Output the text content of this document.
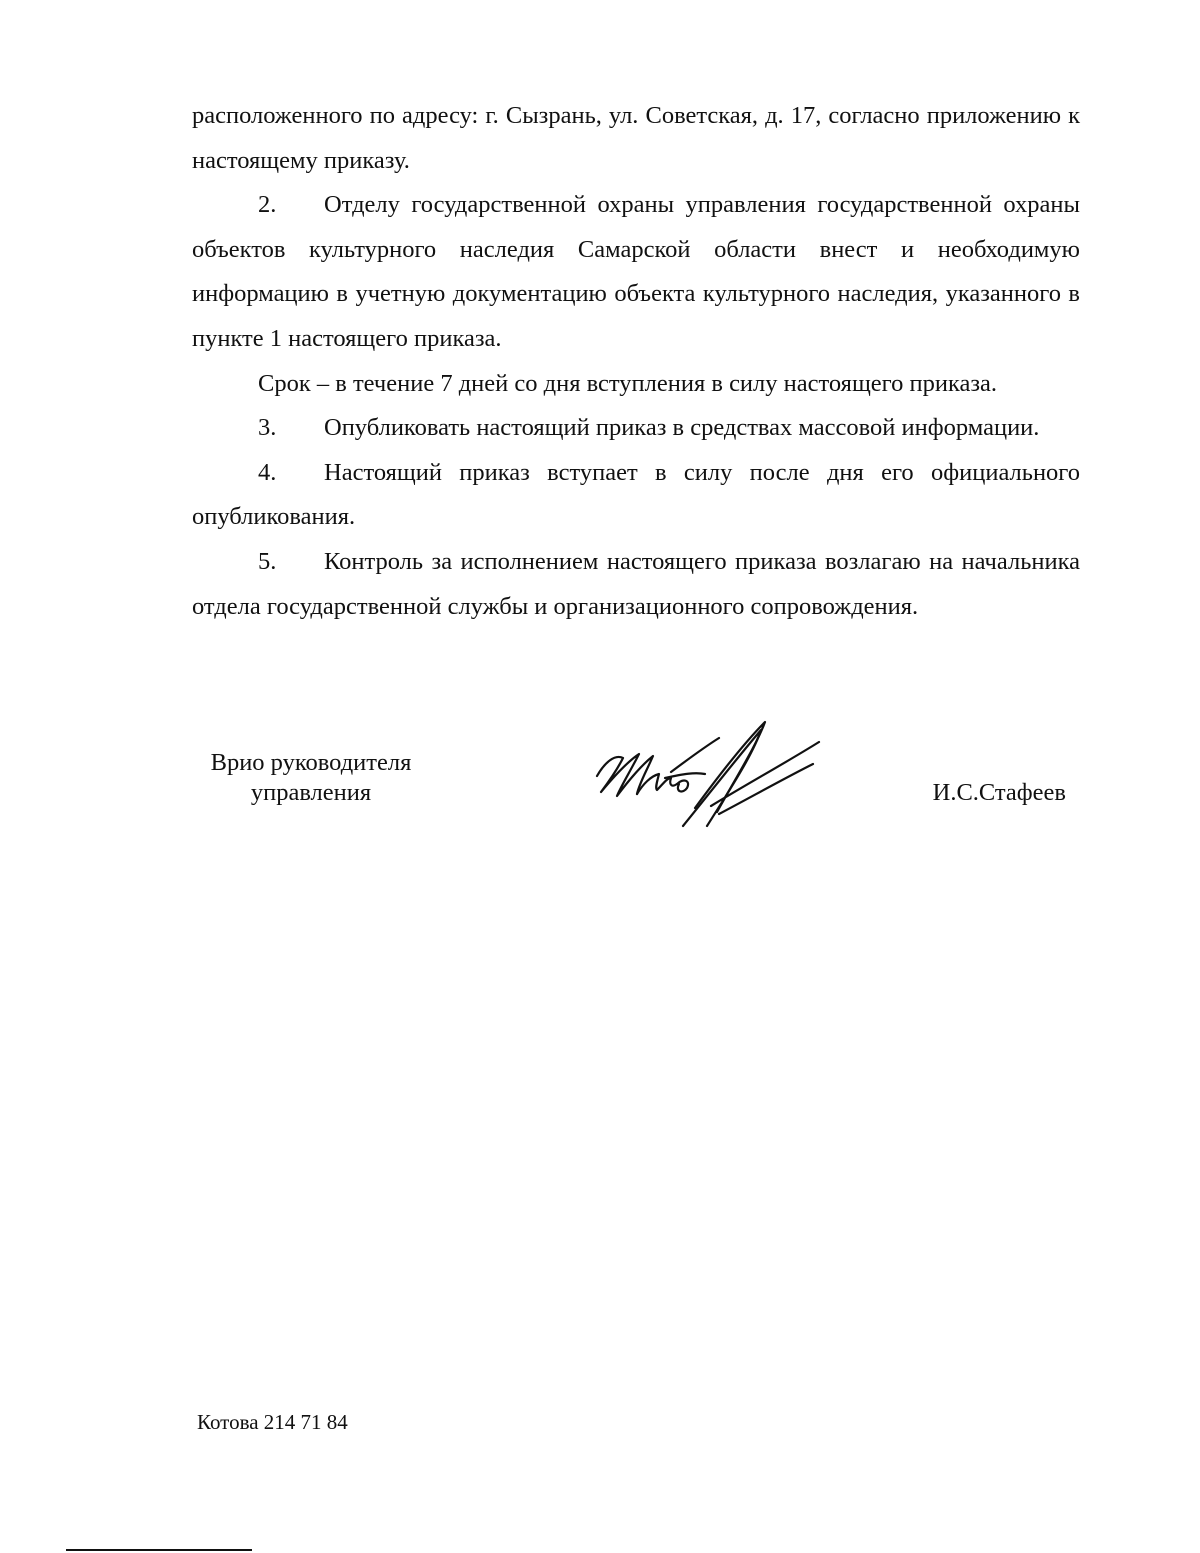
расположенного по адресу: г. Сызрань, ул. Советская, д. 17, согласно приложению к настоящему приказу.

2. Отделу государственной охраны управления государственной охраны объектов культурного наследия Самарской области внест и необходимую информацию в учетную документацию объекта культурного наследия, указанного в пункте 1 настоящего приказа.

Срок – в течение 7 дней со дня вступления в силу настоящего приказа.

3. Опубликовать настоящий приказ в средствах массовой информации.

4. Настоящий приказ вступает в силу после дня его официального опубликования.

5. Контроль за исполнением настоящего приказа возлагаю на начальника отдела государственной службы и организационного сопровождения.

Врио руководителя
управления	И.С.Стафеев
Котова 214 71 84
